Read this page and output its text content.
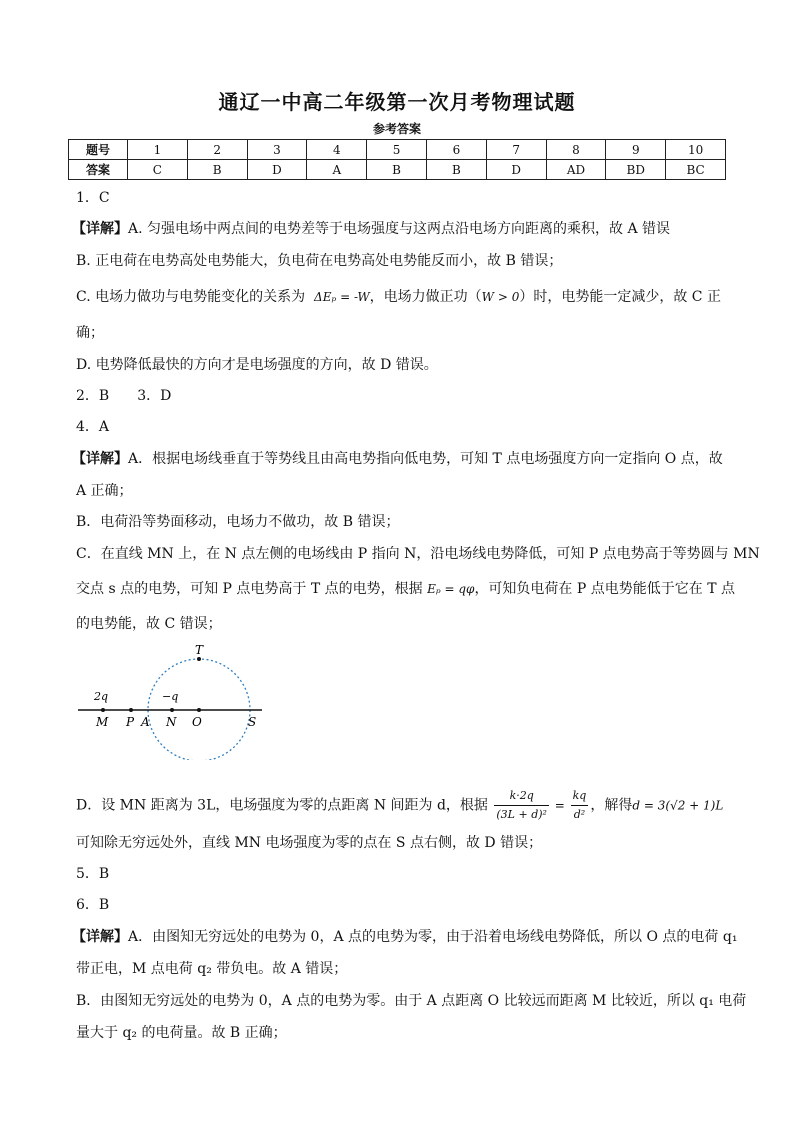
通辽一中高二年级第一次月考物理试题
参考答案
题号	1	2	3	4	5	6	7	8	9	10
答案	C	B	D	A	B	B	D	AD	BD	BC
1．C
【详解】A. 匀强电场中两点间的电势差等于电场强度与这两点沿电场方向距离的乘积，故 A 错误
B. 正电荷在电势高处电势能大，负电荷在电势高处电势能反而小，故 B 错误；
C. 电场力做功与电势能变化的关系为 ΔEₚ = -W，电场力做正功（W > 0）时，电势能一定减少，故 C 正
确；
D. 电势降低最快的方向才是电场强度的方向，故 D 错误。
2．B　　3．D
4．A
【详解】A．根据电场线垂直于等势线且由高电势指向低电势，可知 T 点电场强度方向一定指向 O 点，故
A 正确；
B．电荷沿等势面移动，电场力不做功，故 B 错误；
C．在直线 MN 上，在 N 点左侧的电场线由 P 指向 N，沿电场线电势降低，可知 P 点电势高于等势圆与 MN
交点 s 点的电势，可知 P 点电势高于 T 点的电势，根据 Eₚ = qφ，可知负电荷在 P 点电势能低于它在 T 点
的电势能，故 C 错误；
T
2q	−q
M P A N O	S
D．设 MN 距离为 3L，电场强度为零的点距离 N 间距为 d，根据 $\frac{k\cdot 2q}{\text{(3L + d)²}} = \frac{kq}{\text{d²}}$ ，解得d = 3(√2 + 1)L
可知除无穷远处外，直线 MN 电场强度为零的点在 S 点右侧，故 D 错误；
5．B
6．B
【详解】A．由图知无穷远处的电势为 0，A 点的电势为零，由于沿着电场线电势降低，所以 O 点的电荷 q₁
带正电，M 点电荷 q₂ 带负电。故 A 错误；
B．由图知无穷远处的电势为 0，A 点的电势为零。由于 A 点距离 O 比较远而距离 M 比较近，所以 q₁ 电荷
量大于 q₂ 的电荷量。故 B 正确；
